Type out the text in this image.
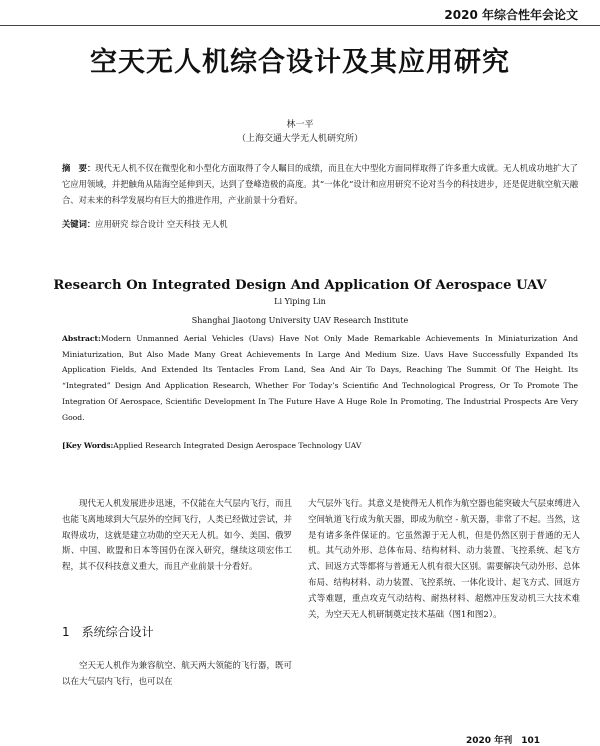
2020 年综合性年会论文
空天无人机综合设计及其应用研究
林一平
（上海交通大学无人机研究所）
摘　要：现代无人机不仅在微型化和小型化方面取得了令人瞩目的成绩，而且在大中型化方面同样取得了许多重大成就。无人机成功地扩大了它应用领域，并把触角从陆海空延伸到天，达到了登峰造极的高度。其“一体化”设计和应用研究不论对当今的科技进步，还是促进航空航天融合、对未来的科学发展均有巨大的推进作用，产业前景十分看好。
关键词：应用研究 综合设计 空天科技 无人机
Research On Integrated Design And Application Of Aerospace UAV
Li Yiping Lin
Shanghai Jiaotong University UAV Research Institute
Abstract:Modern Unmanned Aerial Vehicles (Uavs) Have Not Only Made Remarkable Achievements In Miniaturization And Miniaturization, But Also Made Many Great Achievements In Large And Medium Size. Uavs Have Successfully Expanded Its Application Fields, And Extended Its Tentacles From Land, Sea And Air To Days, Reaching The Summit Of The Height. Its “Integrated” Design And Application Research, Whether For Today’s Scientific And Technological Progress, Or To Promote The Integration Of Aerospace, Scientific Development In The Future Have A Huge Role In Promoting, The Industrial Prospects Are Very Good.
[Key Words:Applied Research Integrated Design Aerospace Technology UAV
现代无人机发展进步迅速，不仅能在大气层内飞行，而且也能飞离地球到大气层外的空间飞行，人类已经做过尝试，并取得成功，这就是建立功勋的空天无人机。如今、美国、俄罗斯、中国、欧盟和日本等国仍在深入研究，继续这项宏伟工程，其不仅科技意义重大，而且产业前景十分看好。
1　系统综合设计
空天无人机作为兼容航空、航天两大领能的飞行器，既可以在大气层内飞行，也可以在
大气层外飞行。其意义是使得无人机作为航空器也能突破大气层束缚进入空间轨道飞行成为航天器，即成为航空 - 航天器，非常了不起。当然，这是有诸多条件保证的。它虽然源于无人机，但是仍然区别于普通的无人机。其气动外形、总体布局、结构材料、动力装置、飞控系统、起飞方式、回返方式等都将与普通无人机有很大区别。需要解决气动外形、总体布局、结构材料、动力装置、飞控系统、一体化设计、起飞方式、回返方式等难题，重点攻克气动结构、耐热材料、超燃冲压发动机三大技术难关，为空天无人机研制奠定技术基础（图1和图2）。
2020 年刊　101
